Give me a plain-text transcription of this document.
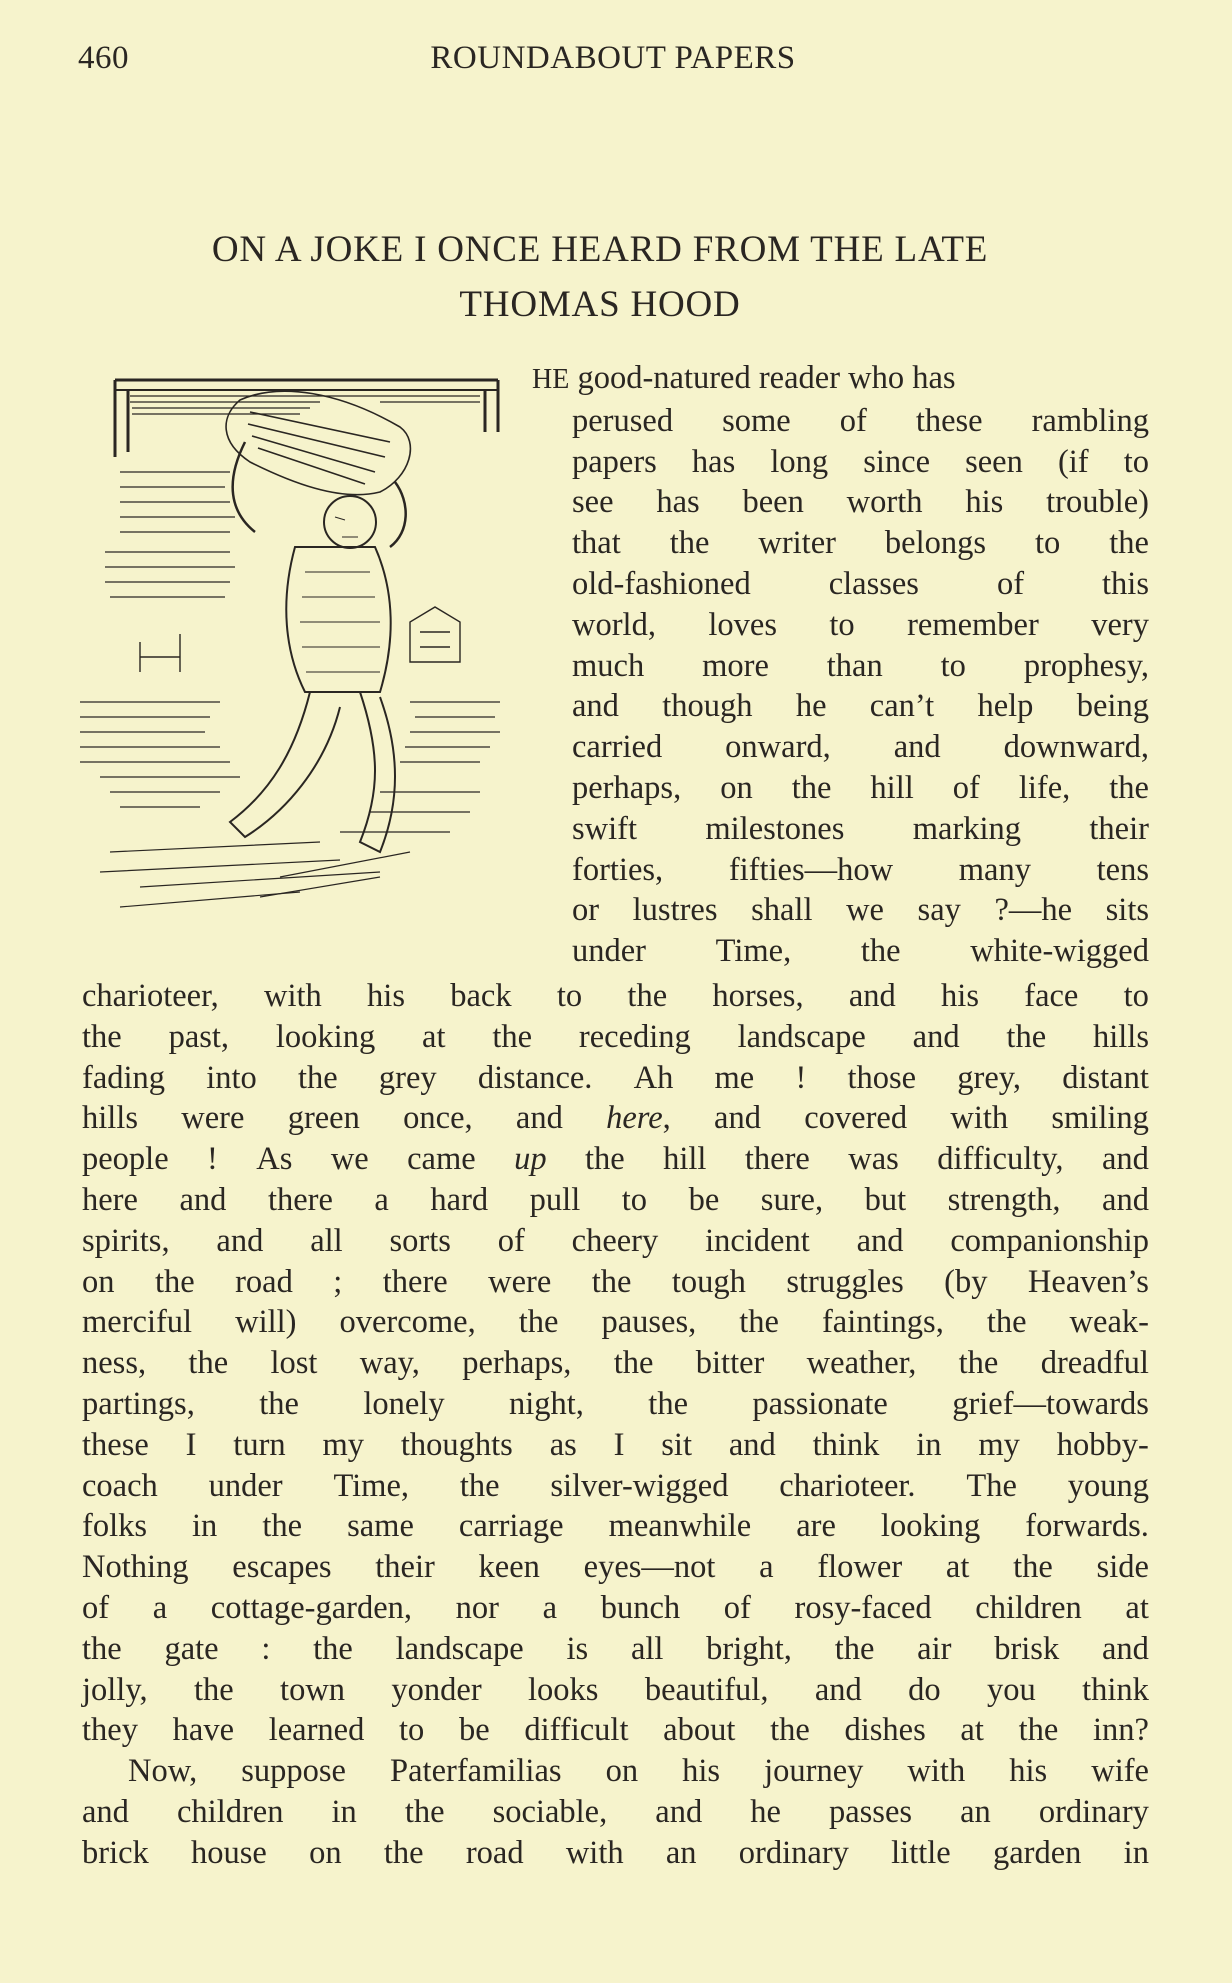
460	ROUNDABOUT PAPERS
ON A JOKE I ONCE HEARD FROM THE LATE
THOMAS HOOD
HE good-natured reader who has
perused some of these rambling
papers has long since seen (if to
see has been worth his trouble)
that the writer belongs to the
old-fashioned classes of this
world, loves to remember very
much more than to prophesy,
and though he can’t help being
carried onward, and downward,
perhaps, on the hill of life, the
swift milestones marking their
forties, fifties—how many tens
or lustres shall we say ?—he sits
under Time, the white-wigged
charioteer, with his back to the horses, and his face to
the past, looking at the receding landscape and the hills
fading into the grey distance. Ah me ! those grey, distant
hills were green once, and here, and covered with smiling
people ! As we came up the hill there was difficulty, and
here and there a hard pull to be sure, but strength, and
spirits, and all sorts of cheery incident and companionship
on the road ; there were the tough struggles (by Heaven’s
merciful will) overcome, the pauses, the faintings, the weak-
ness, the lost way, perhaps, the bitter weather, the dreadful
partings, the lonely night, the passionate grief—towards
these I turn my thoughts as I sit and think in my hobby-
coach under Time, the silver-wigged charioteer. The young
folks in the same carriage meanwhile are looking forwards.
Nothing escapes their keen eyes—not a flower at the side
of a cottage-garden, nor a bunch of rosy-faced children at
the gate : the landscape is all bright, the air brisk and
jolly, the town yonder looks beautiful, and do you think
they have learned to be difficult about the dishes at the inn?
Now, suppose Paterfamilias on his journey with his wife
and children in the sociable, and he passes an ordinary
brick house on the road with an ordinary little garden in
